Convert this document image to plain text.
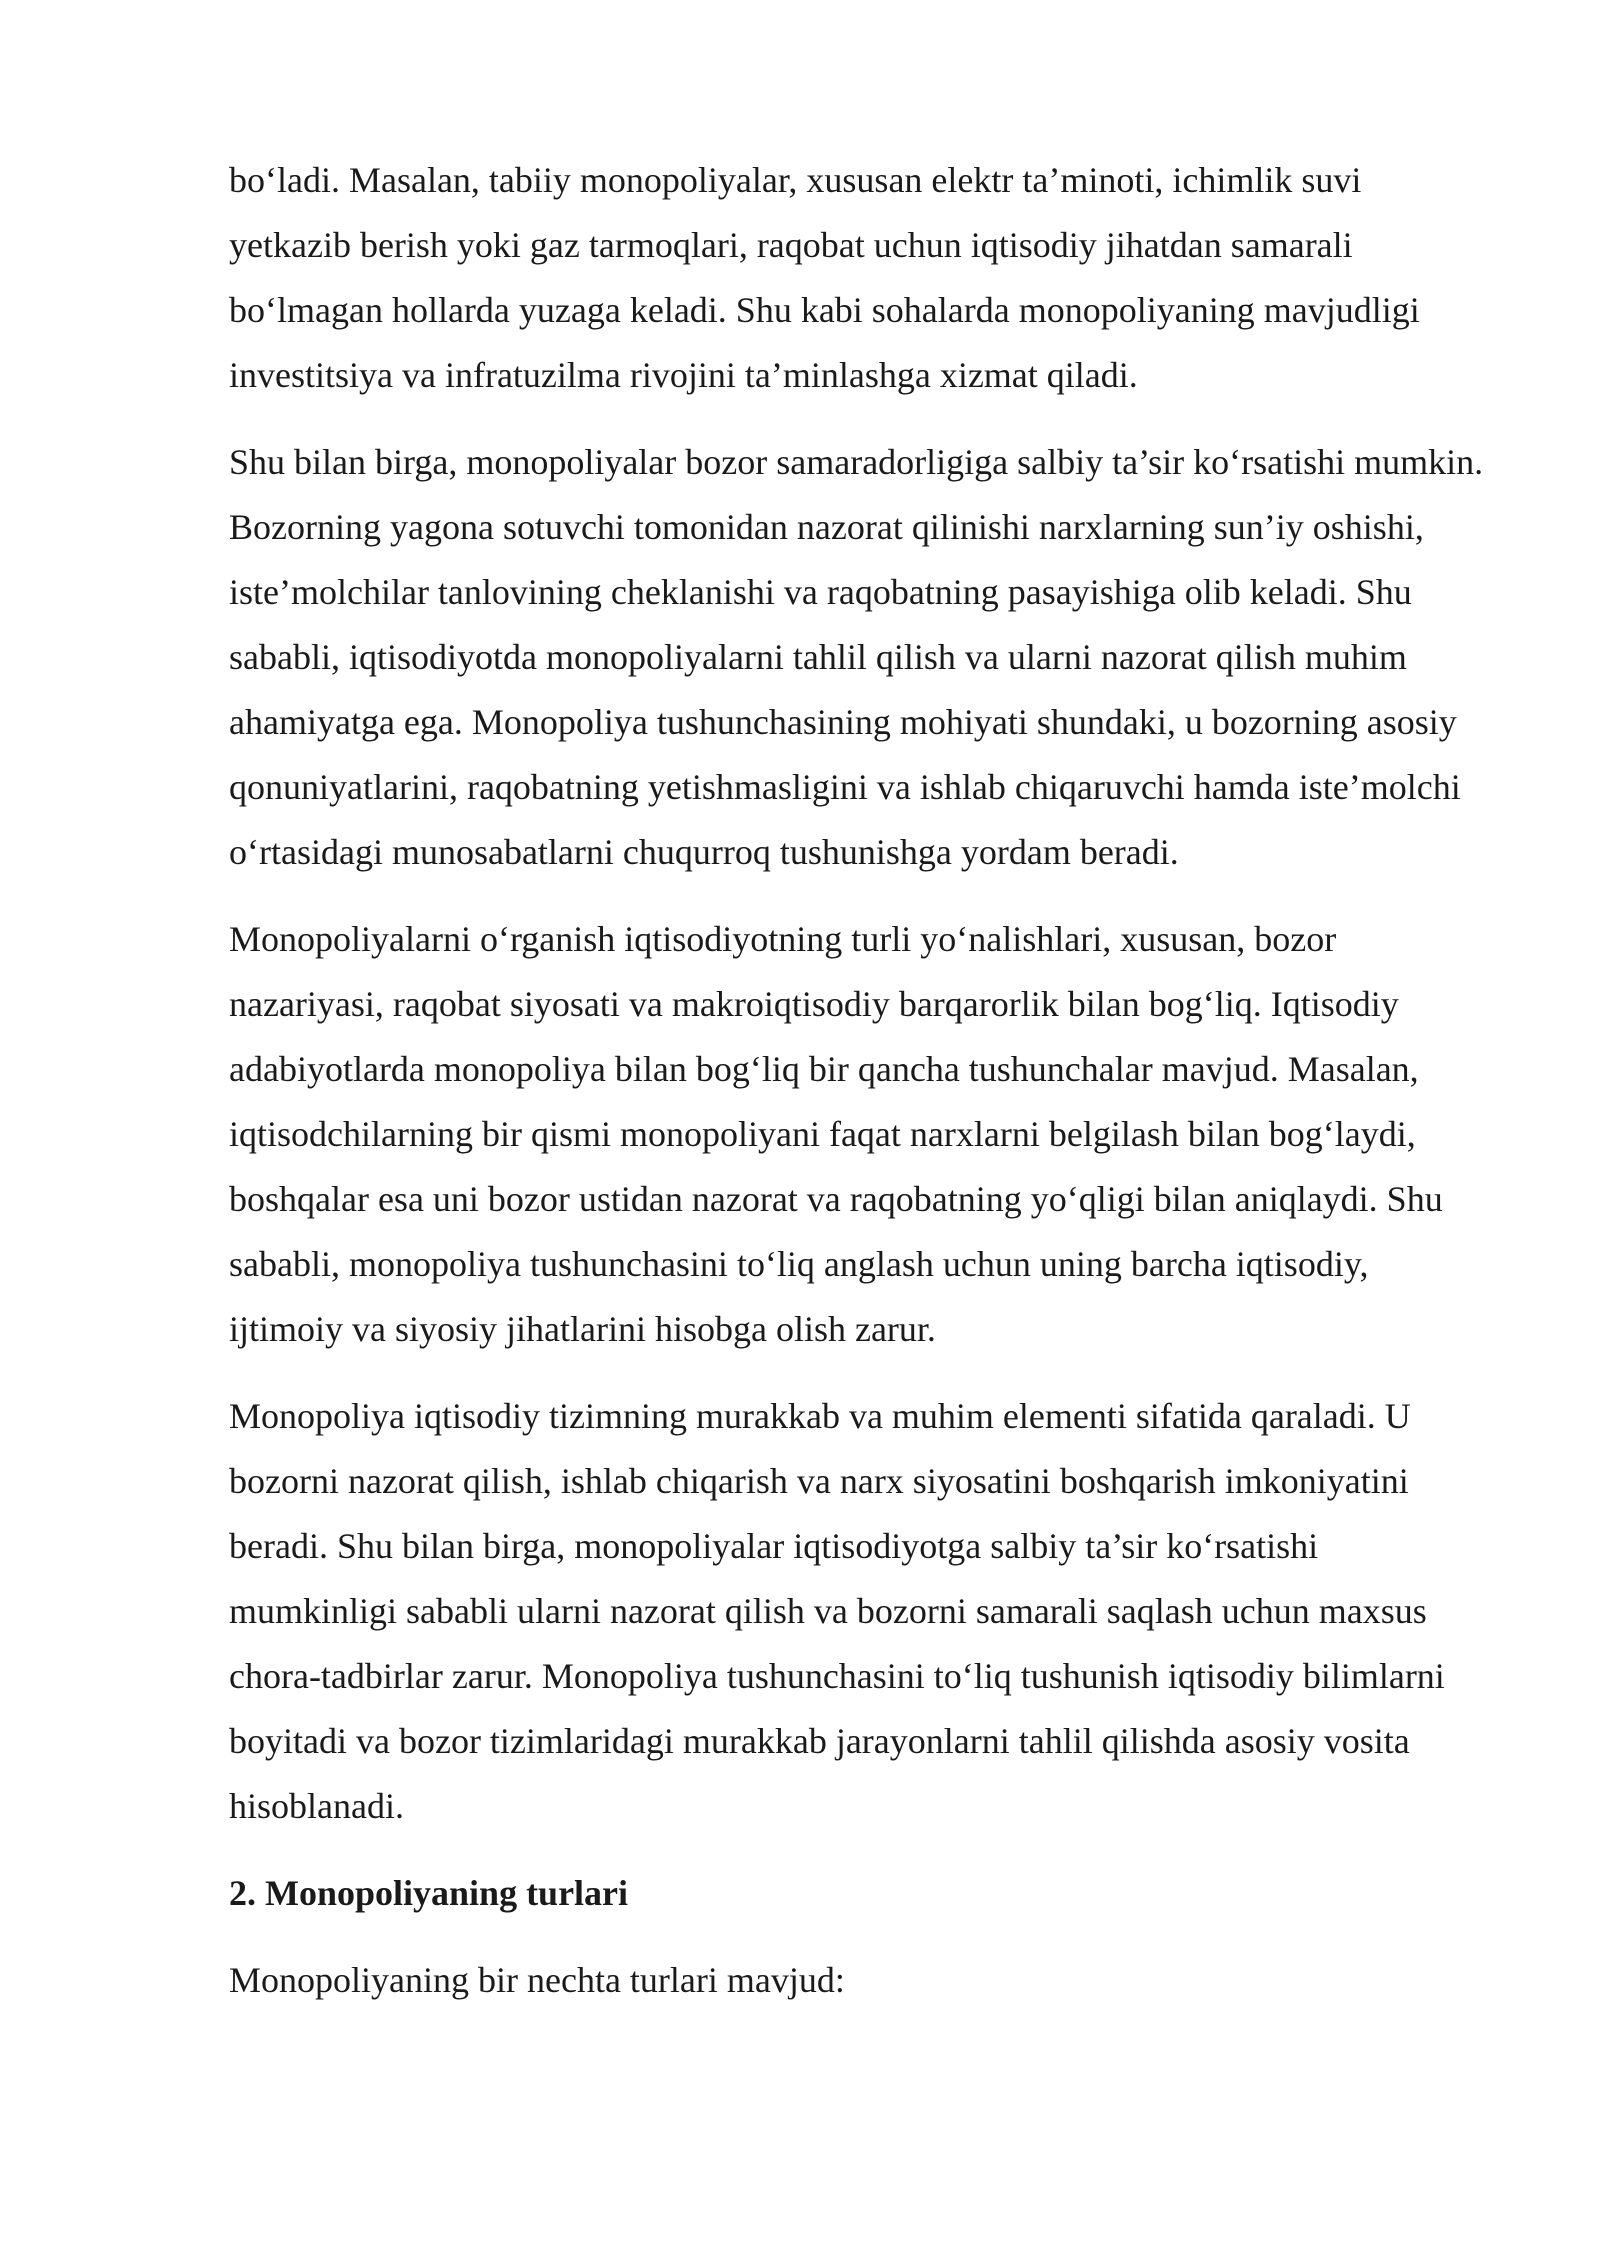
bo‘ladi. Masalan, tabiiy monopoliyalar, xususan elektr ta’minoti, ichimlik suvi yetkazib berish yoki gaz tarmoqlari, raqobat uchun iqtisodiy jihatdan samarali bo‘lmagan hollarda yuzaga keladi. Shu kabi sohalarda monopoliyaning mavjudligi investitsiya va infratuzilma rivojini ta’minlashga xizmat qiladi.

Shu bilan birga, monopoliyalar bozor samaradorligiga salbiy ta’sir ko‘rsatishi mumkin. Bozorning yagona sotuvchi tomonidan nazorat qilinishi narxlarning sun’iy oshishi, iste’molchilar tanlovining cheklanishi va raqobatning pasayishiga olib keladi. Shu sababli, iqtisodiyotda monopoliyalarni tahlil qilish va ularni nazorat qilish muhim ahamiyatga ega. Monopoliya tushunchasining mohiyati shundaki, u bozorning asosiy qonuniyatlarini, raqobatning yetishmasligini va ishlab chiqaruvchi hamda iste’molchi o‘rtasidagi munosabatlarni chuqurroq tushunishga yordam beradi.

Monopoliyalarni o‘rganish iqtisodiyotning turli yo‘nalishlari, xususan, bozor nazariyasi, raqobat siyosati va makroiqtisodiy barqarorlik bilan bog‘liq. Iqtisodiy adabiyotlarda monopoliya bilan bog‘liq bir qancha tushunchalar mavjud. Masalan, iqtisodchilarning bir qismi monopoliyani faqat narxlarni belgilash bilan bog‘laydi, boshqalar esa uni bozor ustidan nazorat va raqobatning yo‘qligi bilan aniqlaydi. Shu sababli, monopoliya tushunchasini to‘liq anglash uchun uning barcha iqtisodiy, ijtimoiy va siyosiy jihatlarini hisobga olish zarur.

Monopoliya iqtisodiy tizimning murakkab va muhim elementi sifatida qaraladi. U bozorni nazorat qilish, ishlab chiqarish va narx siyosatini boshqarish imkoniyatini beradi. Shu bilan birga, monopoliyalar iqtisodiyotga salbiy ta’sir ko‘rsatishi mumkinligi sababli ularni nazorat qilish va bozorni samarali saqlash uchun maxsus chora-tadbirlar zarur. Monopoliya tushunchasini to‘liq tushunish iqtisodiy bilimlarni boyitadi va bozor tizimlaridagi murakkab jarayonlarni tahlil qilishda asosiy vosita hisoblanadi.

2. Monopoliyaning turlari

Monopoliyaning bir nechta turlari mavjud:
